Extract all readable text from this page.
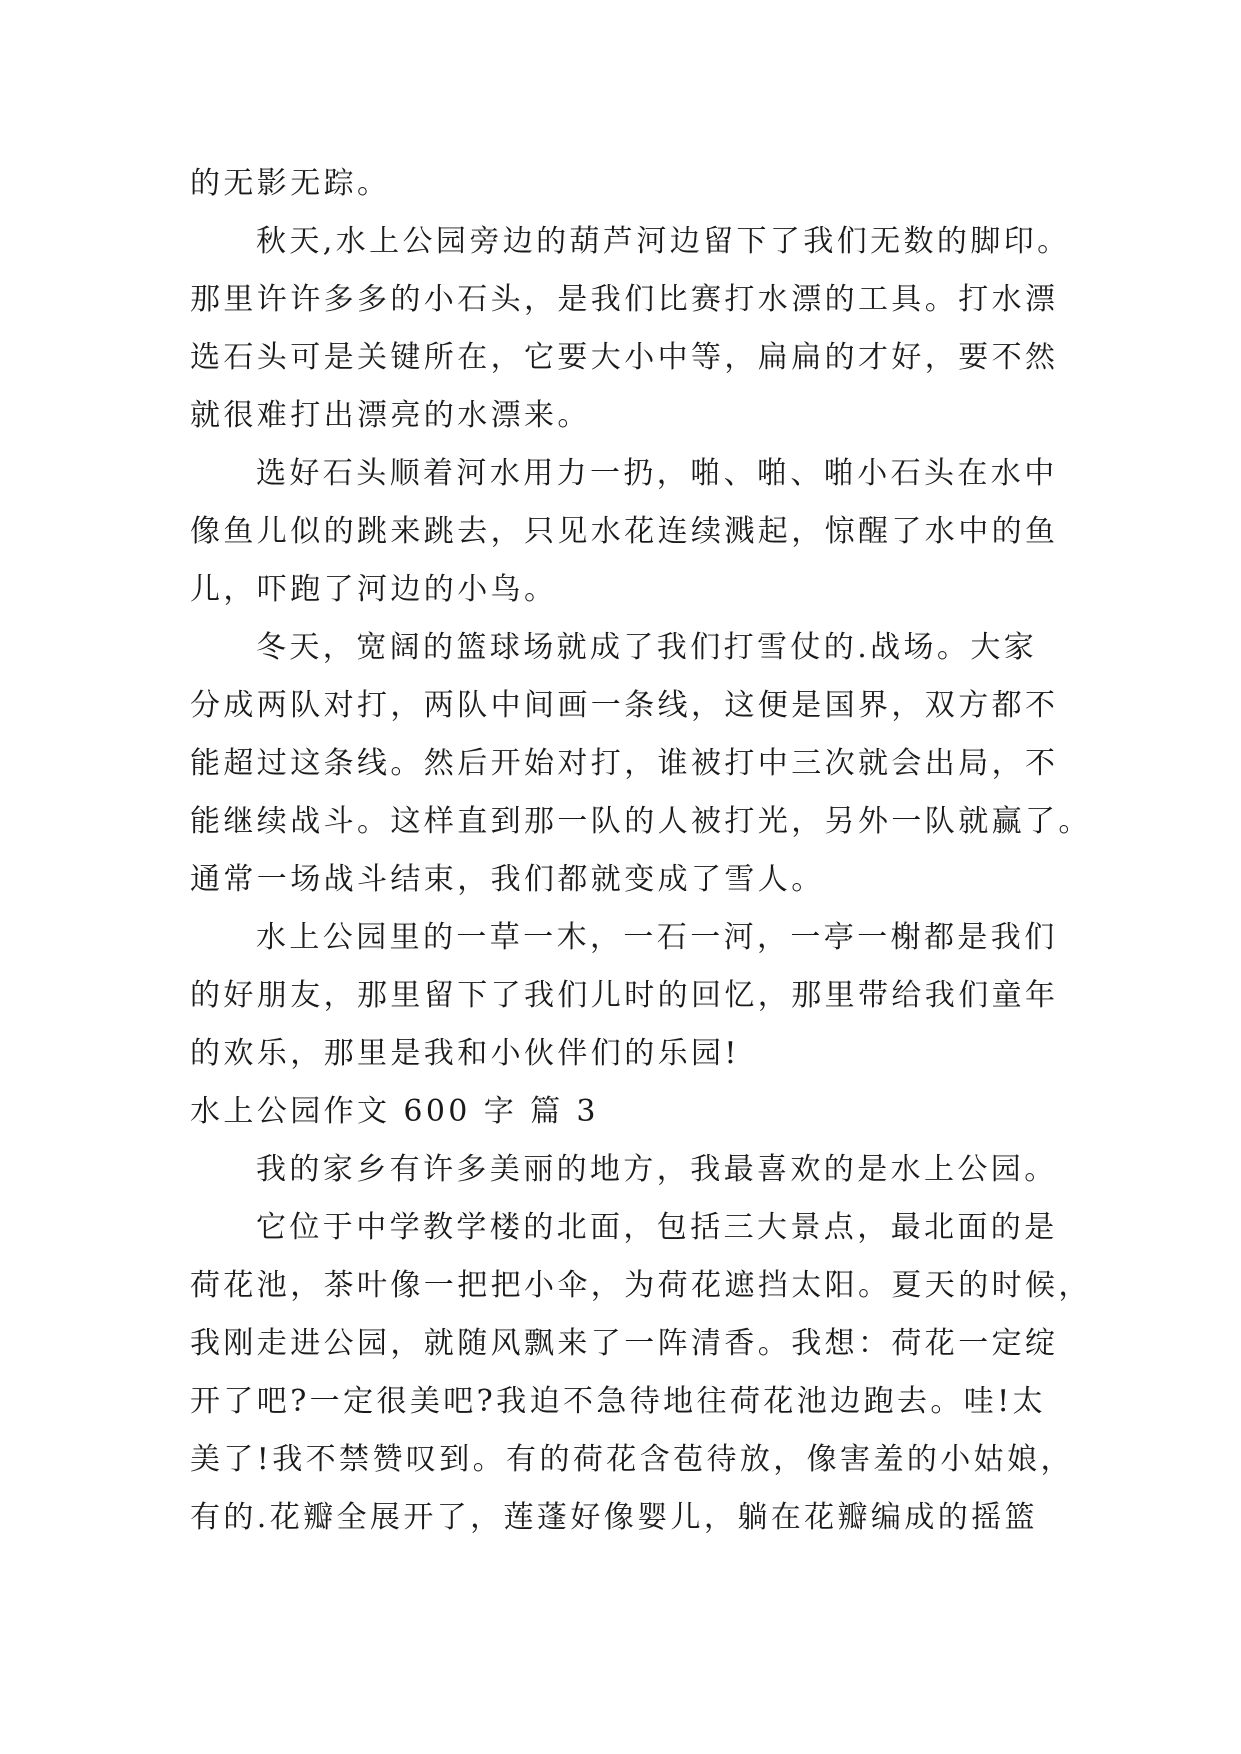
的无影无踪。
秋天,水上公园旁边的葫芦河边留下了我们无数的脚印。
那里许许多多的小石头，是我们比赛打水漂的工具。打水漂
选石头可是关键所在，它要大小中等，扁扁的才好，要不然
就很难打出漂亮的水漂来。
选好石头顺着河水用力一扔，啪、啪、啪小石头在水中
像鱼儿似的跳来跳去，只见水花连续溅起，惊醒了水中的鱼
儿，吓跑了河边的小鸟。
冬天，宽阔的篮球场就成了我们打雪仗的.战场。大家
分成两队对打，两队中间画一条线，这便是国界，双方都不
能超过这条线。然后开始对打，谁被打中三次就会出局，不
能继续战斗。这样直到那一队的人被打光，另外一队就赢了。
通常一场战斗结束，我们都就变成了雪人。
水上公园里的一草一木，一石一河，一亭一榭都是我们
的好朋友，那里留下了我们儿时的回忆，那里带给我们童年
的欢乐，那里是我和小伙伴们的乐园!
水上公园作文 600 字 篇 3
我的家乡有许多美丽的地方，我最喜欢的是水上公园。
它位于中学教学楼的北面，包括三大景点，最北面的是
荷花池，茶叶像一把把小伞，为荷花遮挡太阳。夏天的时候，
我刚走进公园，就随风飘来了一阵清香。我想：荷花一定绽
开了吧?一定很美吧?我迫不急待地往荷花池边跑去。哇!太
美了!我不禁赞叹到。有的荷花含苞待放，像害羞的小姑娘，
有的.花瓣全展开了，莲蓬好像婴儿，躺在花瓣编成的摇篮
